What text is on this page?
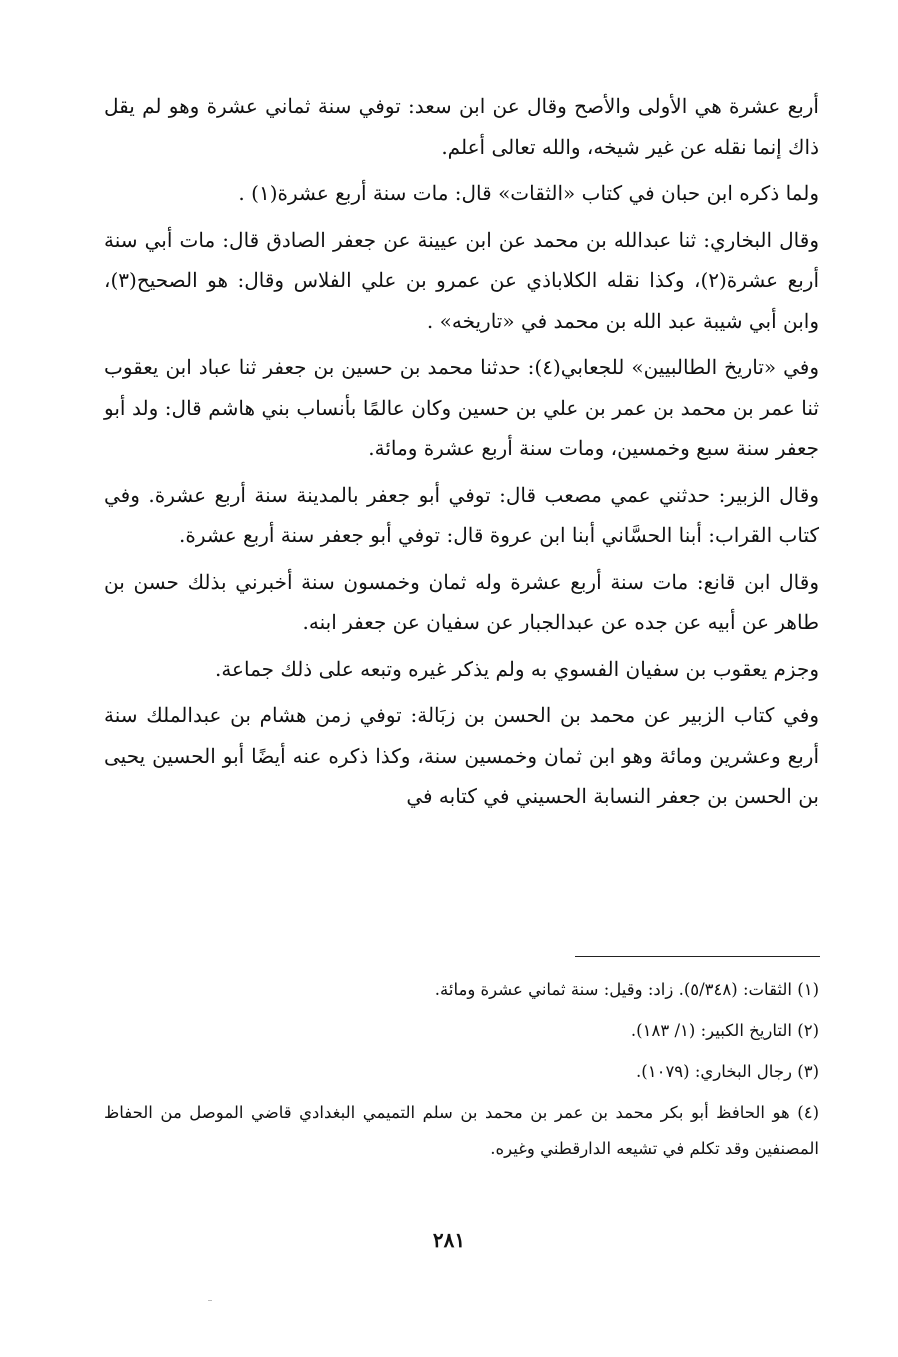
أربع عشرة هي الأولى والأصح وقال عن ابن سعد: توفي سنة ثماني عشرة وهو لم يقل ذاك إنما نقله عن غير شيخه، والله تعالى أعلم.

ولما ذكره ابن حبان في كتاب «الثقات» قال: مات سنة أربع عشرة(١) .

وقال البخاري: ثنا عبدالله بن محمد عن ابن عيينة عن جعفر الصادق قال: مات أبي سنة أربع عشرة(٢)، وكذا نقله الكلاباذي عن عمرو بن علي الفلاس وقال: هو الصحيح(٣)، وابن أبي شيبة عبد الله بن محمد في «تاريخه» .

وفي «تاريخ الطالبيين» للجعابي(٤): حدثنا محمد بن حسين بن جعفر ثنا عباد ابن يعقوب ثنا عمر بن محمد بن عمر بن علي بن حسين وكان عالمًا بأنساب بني هاشم قال: ولد أبو جعفر سنة سبع وخمسين، ومات سنة أربع عشرة ومائة.

وقال الزبير: حدثني عمي مصعب قال: توفي أبو جعفر بالمدينة سنة أربع عشرة. وفي كتاب القراب: أبنا الحسَّاني أبنا ابن عروة قال: توفي أبو جعفر سنة أربع عشرة.

وقال ابن قانع: مات سنة أربع عشرة وله ثمان وخمسون سنة أخبرني بذلك حسن بن طاهر عن أبيه عن جده عن عبدالجبار عن سفيان عن جعفر ابنه.

وجزم يعقوب بن سفيان الفسوي به ولم يذكر غيره وتبعه على ذلك جماعة.

وفي كتاب الزبير عن محمد بن الحسن بن زبَالة: توفي زمن هشام بن عبدالملك سنة أربع وعشرين ومائة وهو ابن ثمان وخمسين سنة، وكذا ذكره عنه أيضًا أبو الحسين يحيى بن الحسن بن جعفر النسابة الحسيني في كتابه في

(١) الثقات: (٥/٣٤٨). زاد: وقيل: سنة ثماني عشرة ومائة.

(٢) التاريخ الكبير: (١/ ١٨٣).

(٣) رجال البخاري: (١٠٧٩).

(٤) هو الحافظ أبو بكر محمد بن عمر بن محمد بن سلم التميمي البغدادي قاضي الموصل من الحفاظ المصنفين وقد تكلم في تشيعه الدارقطني وغيره.

٢٨١
